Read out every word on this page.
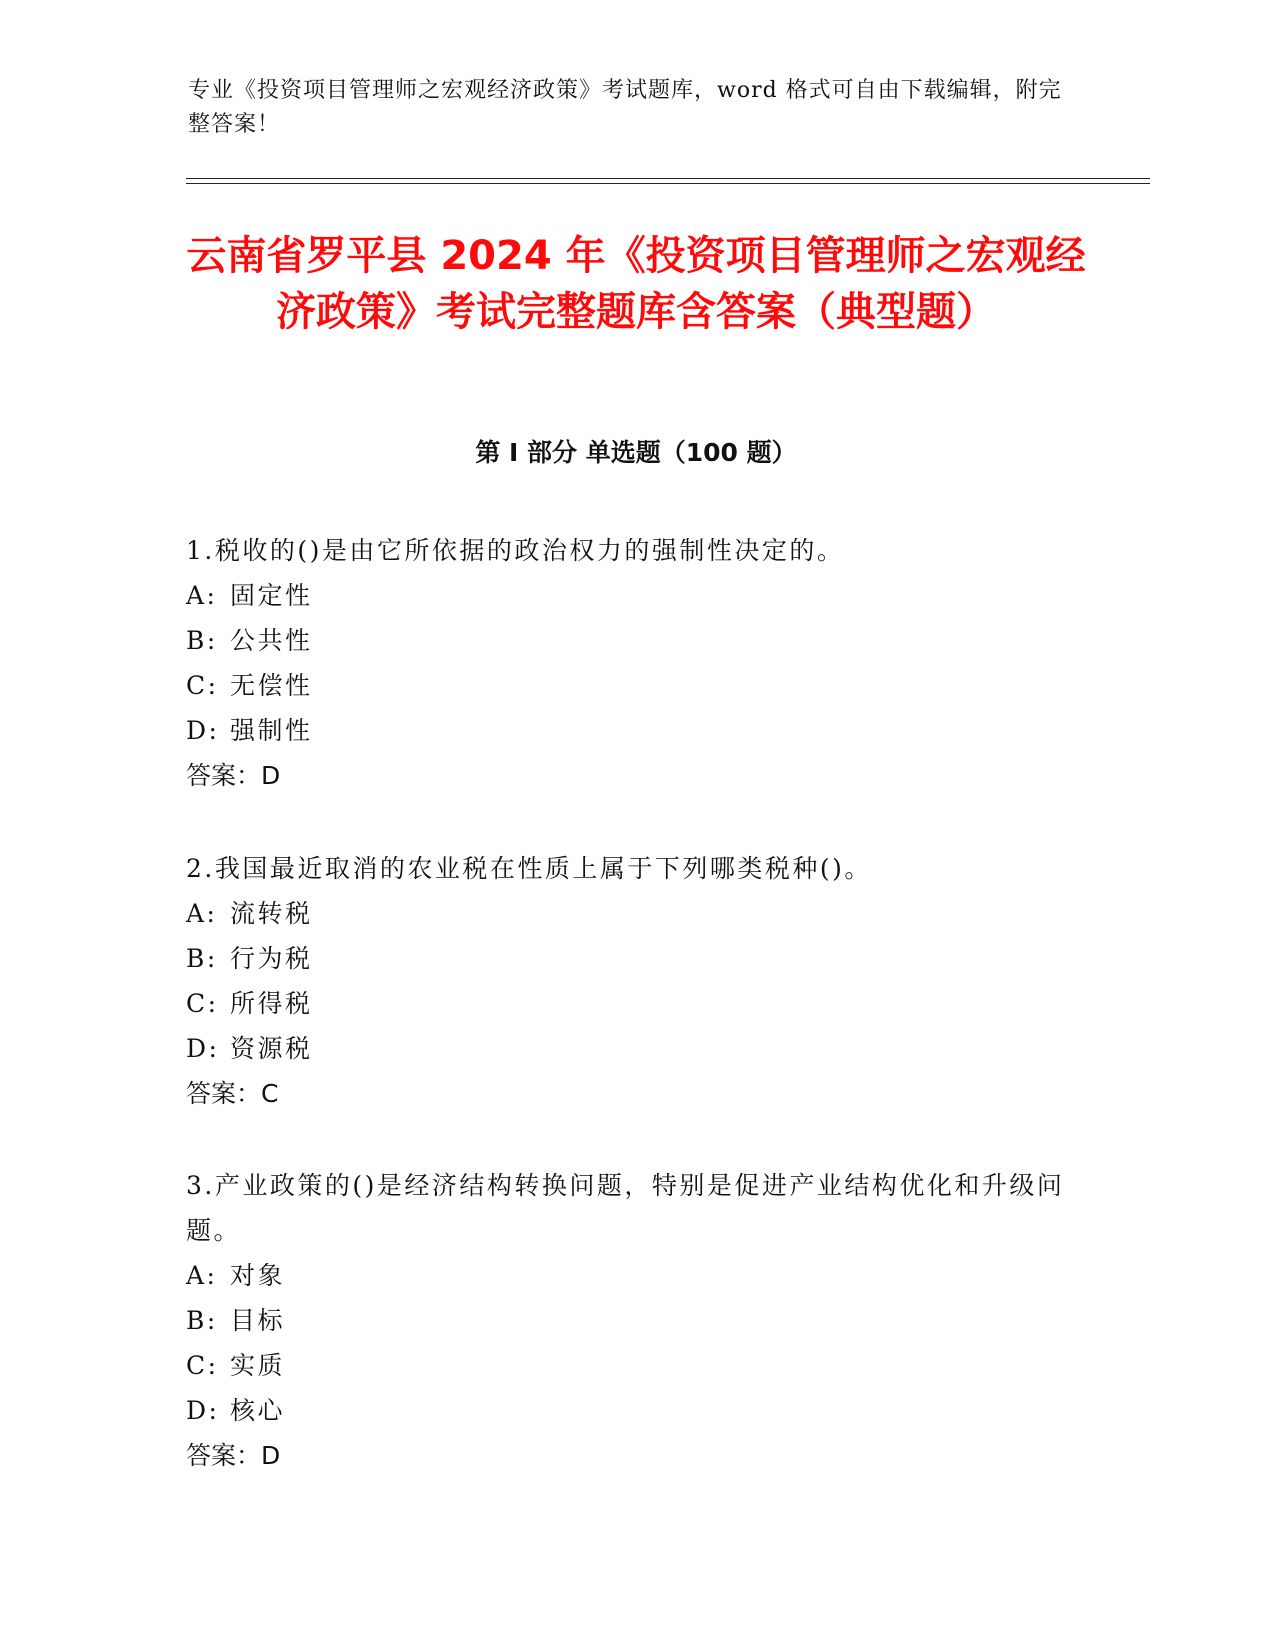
专业《投资项目管理师之宏观经济政策》考试题库，word 格式可自由下载编辑，附完整答案！

云南省罗平县 2024 年《投资项目管理师之宏观经济政策》考试完整题库含答案（典型题）
第 I 部分 单选题（100 题）

1.税收的()是由它所依据的政治权力的强制性决定的。

A: 固定性
B: 公共性
C: 无偿性
D: 强制性

答案：D

2.我国最近取消的农业税在性质上属于下列哪类税种()。

A: 流转税
B: 行为税
C: 所得税
D: 资源税

答案：C

3.产业政策的()是经济结构转换问题，特别是促进产业结构优化和升级问题。

A: 对象
B: 目标
C: 实质
D: 核心

答案：D
